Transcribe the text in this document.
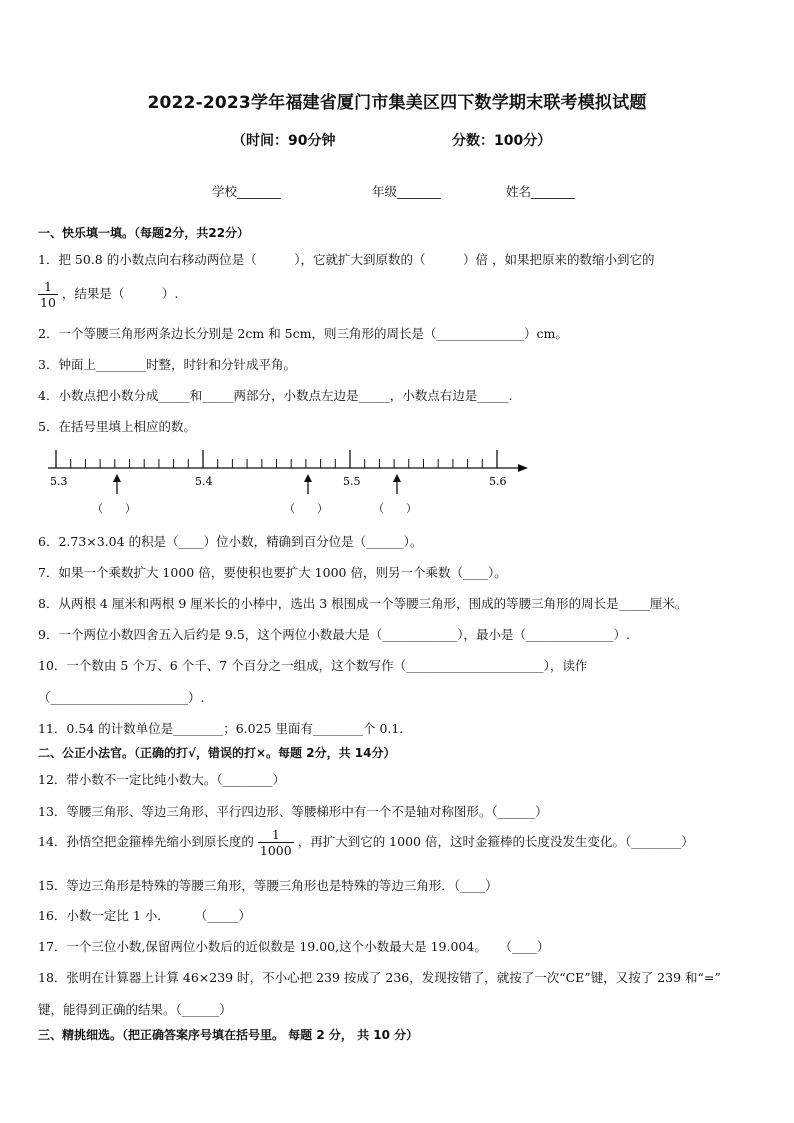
2022-2023学年福建省厦门市集美区四下数学期末联考模拟试题
（时间：90分钟	分数：100分）
学校_______	年级_______	姓名_______
一、快乐填一填。（每题2分，共22分）
1．把 50.8 的小数点向右移动两位是（　　　），它就扩大到原数的（　　　）倍 ，如果把原来的数缩小到它的
$\frac{1}{10}$ ，结果是（　　　）.
2．一个等腰三角形两条边长分别是 2cm 和 5cm，则三角形的周长是（______________）cm。
3．钟面上________时整，时针和分针成平角。
4．小数点把小数分成_____和_____两部分，小数点左边是_____，小数点右边是_____.
5．在括号里填上相应的数。
5.3	5.4	5.5	5.6
（　　）	（　　）	（　　）
6．2.73×3.04 的积是（____）位小数，精确到百分位是（______）。
7．如果一个乘数扩大 1000 倍，要使积也要扩大 1000 倍，则另一个乘数（____）。
8．从两根 4 厘米和两根 9 厘米长的小棒中，选出 3 根围成一个等腰三角形，围成的等腰三角形的周长是_____厘米。
9．一个两位小数四舍五入后约是 9.5，这个两位小数最大是（____________），最小是（______________）.
10．一个数由 5 个万、6 个千、7 个百分之一组成，这个数写作（______________________），读作
（______________________）.
11．0.54 的计数单位是________；6.025 里面有________个 0.1．
二、公正小法官。（正确的打√，错误的打×。每题 2分，共 14分）
12．带小数不一定比纯小数大。（________）
13．等腰三角形、等边三角形、平行四边形、等腰梯形中有一个不是轴对称图形。（______）
14．孙悟空把金箍棒先缩小到原长度的 $\frac{1}{1000}$ ，再扩大到它的 1000 倍，这时金箍棒的长度没发生变化。（________）
15．等边三角形是特殊的等腰三角形，等腰三角形也是特殊的等边三角形．（____）
16．小数一定比 1 小．　　　（_____）
17．一个三位小数,保留两位小数后的近似数是 19.00,这个小数最大是 19.004。　　（____）
18．张明在计算器上计算 46×239 时，不小心把 239 按成了 236，发现按错了，就按了一次“CE”键，又按了 239 和“=”
键，能得到正确的结果。（______）
三、精挑细选。（把正确答案序号填在括号里。 每题 2 分， 共 10 分）
